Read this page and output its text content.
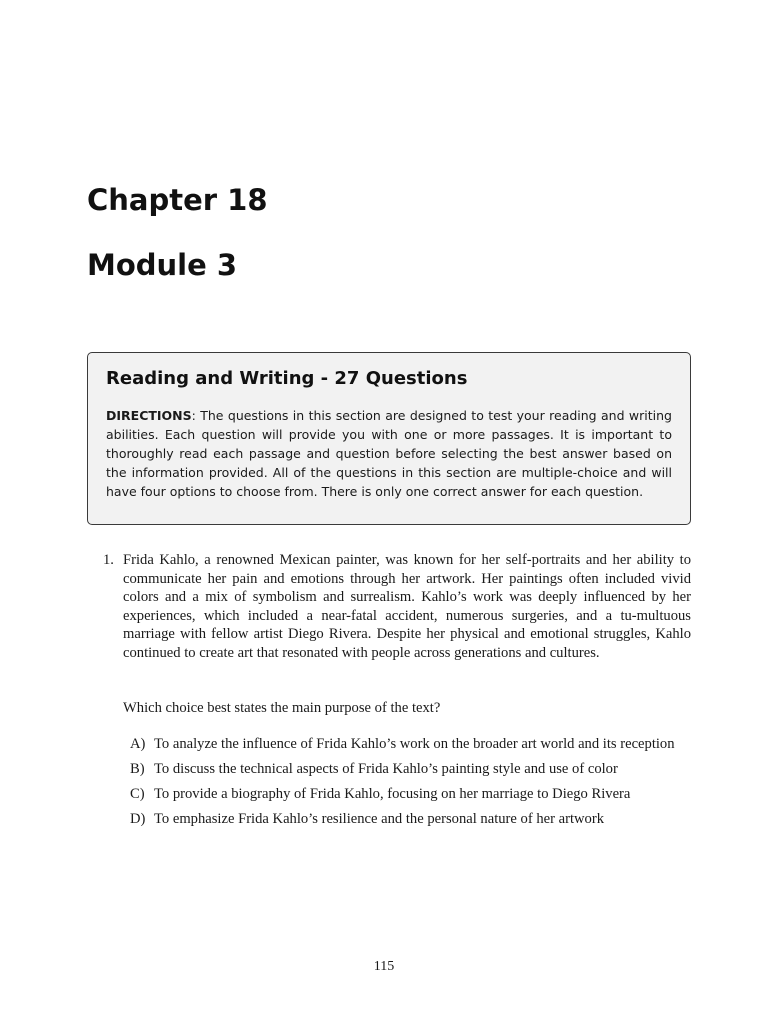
Chapter 18
Module 3
Reading and Writing - 27 Questions

DIRECTIONS: The questions in this section are designed to test your reading and writing abilities. Each question will provide you with one or more passages. It is important to thoroughly read each passage and question before selecting the best answer based on the information provided. All of the questions in this section are multiple-choice and will have four options to choose from. There is only one correct answer for each question.

1. Frida Kahlo, a renowned Mexican painter, was known for her self-portraits and her ability to communicate her pain and emotions through her artwork. Her paintings often included vivid colors and a mix of symbolism and surrealism. Kahlo’s work was deeply influenced by her experiences, which included a near-fatal accident, numerous surgeries, and a tu-multuous marriage with fellow artist Diego Rivera. Despite her physical and emotional struggles, Kahlo continued to create art that resonated with people across generations and cultures.
Which choice best states the main purpose of the text?
A) To analyze the influence of Frida Kahlo’s work on the broader art world and its reception
B) To discuss the technical aspects of Frida Kahlo’s painting style and use of color
C) To provide a biography of Frida Kahlo, focusing on her marriage to Diego Rivera
D) To emphasize Frida Kahlo’s resilience and the personal nature of her artwork
115
